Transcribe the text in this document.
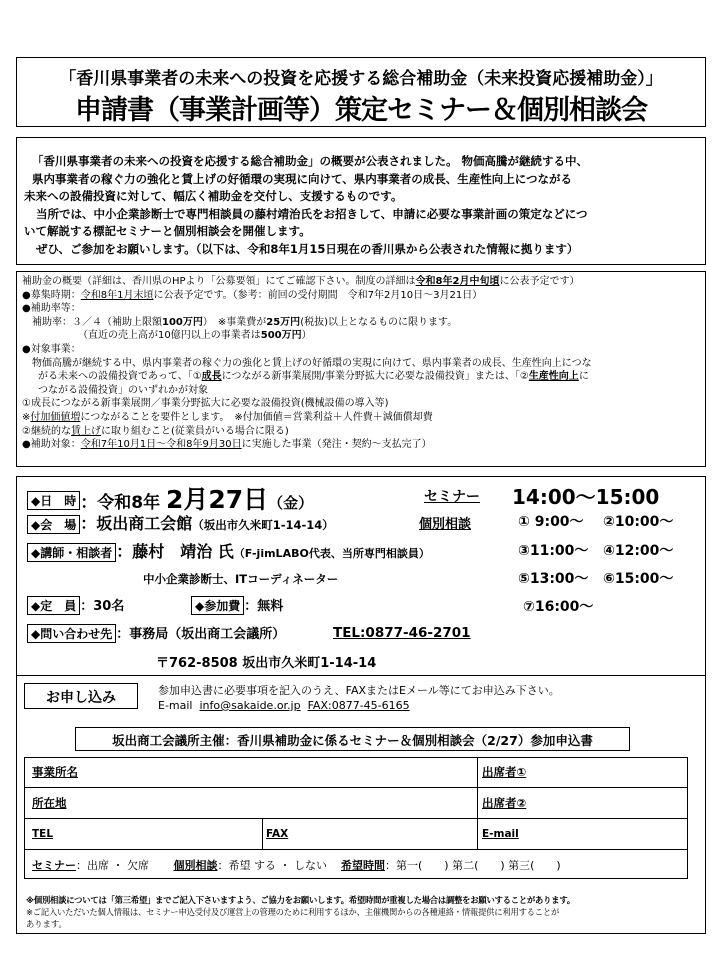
「香川県事業者の未来への投資を応援する総合補助金（未来投資応援補助金）」
申請書（事業計画等）策定セミナー＆個別相談会
「香川県事業者の未来への投資を応援する総合補助金」の概要が公表されました。 物価高騰が継続する中、
県内事業者の稼ぐ力の強化と賃上げの好循環の実現に向けて、県内事業者の成長、生産性向上につながる
未来への設備投資に対して、幅広く補助金を交付し、支援するものです。
当所では、中小企業診断士で専門相談員の藤村靖治氏をお招きして、申請に必要な事業計画の策定などにつ
いて解説する標記セミナーと個別相談会を開催します。
ぜひ、ご参加をお願いします。（以下は、令和8年1月15日現在の香川県から公表された情報に拠ります）
補助金の概要（詳細は、香川県のHPより「公募要領」にてご確認下さい。制度の詳細は令和8年2月中旬頃に公表予定です）
●募集時期：令和8年1月末頃に公表予定です。（参考：前回の受付期間　令和7年2月10日～3月21日）
●補助率等：
補助率：３／４（補助上限額100万円）　※事業費が25万円(税抜)以上となるものに限ります。
（直近の売上高が10億円以上の事業者は500万円）
●対象事業：
物価高騰が継続する中、県内事業者の稼ぐ力の強化と賃上げの好循環の実現に向けて、県内事業者の成長、生産性向上につな
がる未来への設備投資であって、「①成長につながる新事業展開/事業分野拡大に必要な設備投資」または、「②生産性向上に
つながる設備投資」のいずれかが対象
①成長につながる新事業展開／事業分野拡大に必要な設備投資(機械設備の導入等)
※付加価値増につながることを要件とします。　※付加価値＝営業利益＋人件費＋減価償却費
②継続的な賃上げに取り組むこと(従業員がいる場合に限る)
●補助対象：令和7年10月1日～令和8年9月30日に実施した事業（発注・契約～支払完了）
◆日　時 ：令和8年 2月27日（金）	セミナー 14:00～15:00
◆会　場 ：坂出商工会館（坂出市久米町1-14-14）	個別相談	① 9:00～ ②10:00～
③11:00～ ④12:00～
⑤13:00～ ⑥15:00～
⑦16:00～
◆講師・相談者 ：藤村　靖治 氏（F-jimLABO代表、当所専門相談員）
中小企業診断士、ITコーディネーター
◆定　員 ：30名	◆参加費 ：無料
◆問い合わせ先 ：事務局（坂出商工会議所）	TEL:0877-46-2701
〒762-8508 坂出市久米町1-14-14
お申し込み	参加申込書に必要事項を記入のうえ、FAXまたはEメール等にてお申込み下さい。
E-mail info@sakaide.or.jp FAX:0877-45-6165
坂出商工会議所主催：香川県補助金に係るセミナー＆個別相談会（2/27）参加申込書
事業所名	出席者①
所在地	出席者②
TEL	FAX	E-mail
セミナー：出席 ・ 欠席 個別相談：希望 する ・ しない 希望時間：第一(　　) 第二(　　) 第三(　　)
※個別相談については「第三希望」までご記入下さいますよう、ご協力をお願いします。希望時間が重複した場合は調整をお願いすることがあります。
※ご記入いただいた個人情報は、セミナー申込受付及び運営上の管理のために利用するほか、主催機関からの各種連絡・情報提供に利用することが
あります。
